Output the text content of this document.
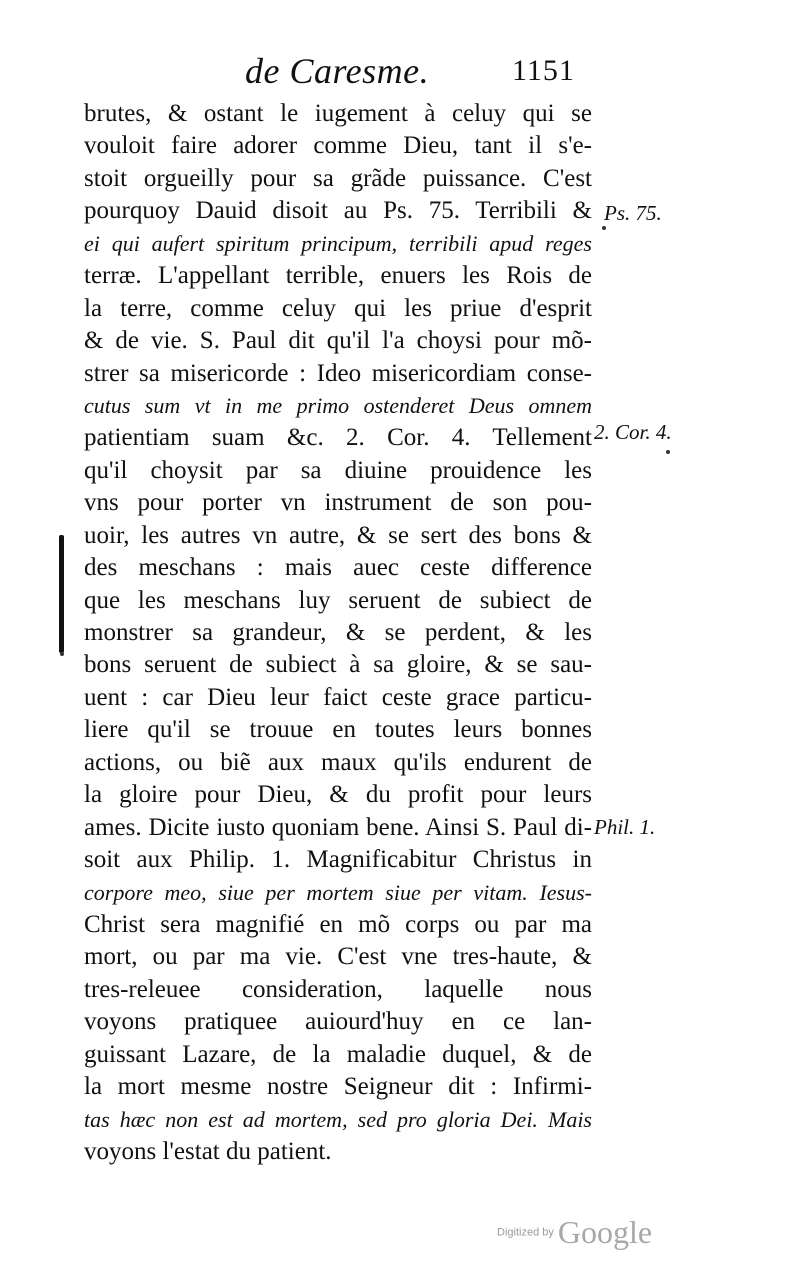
de Caresme.	1151
brutes, & ostant le iugement à celuy qui se
vouloit faire adorer comme Dieu, tant il s'e-
stoit orgueilly pour sa grãde puissance. C'est
pourquoy Dauid disoit au Ps. 75. Terribili &
ei qui aufert spiritum principum, terribili apud reges
terræ. L'appellant terrible, enuers les Rois de
la terre, comme celuy qui les priue d'esprit
& de vie. S. Paul dit qu'il l'a choysi pour mõ-
strer sa misericorde : Ideo misericordiam conse-
cutus sum vt in me primo ostenderet Deus omnem
patientiam suam &c. 2. Cor. 4. Tellement
qu'il choysit par sa diuine prouidence les
vns pour porter vn instrument de son pou-
uoir, les autres vn autre, & se sert des bons &
des meschans : mais auec ceste difference
que les meschans luy seruent de subiect de
monstrer sa grandeur, & se perdent, & les
bons seruent de subiect à sa gloire, & se sau-
uent : car Dieu leur faict ceste grace particu-
liere qu'il se trouue en toutes leurs bonnes
actions, ou biẽ aux maux qu'ils endurent de
la gloire pour Dieu, & du profit pour leurs
ames. Dicite iusto quoniam bene. Ainsi S. Paul di-
soit aux Philip. 1. Magnificabitur Christus in
corpore meo, siue per mortem siue per vitam. Iesus-
Christ sera magnifié en mõ corps ou par ma
mort, ou par ma vie. C'est vne tres-haute, &
tres-releuee consideration, laquelle nous
voyons pratiquee auiourd'huy en ce lan-
guissant Lazare, de la maladie duquel, & de
la mort mesme nostre Seigneur dit : Infirmi-
tas hæc non est ad mortem, sed pro gloria Dei. Mais
voyons l'estat du patient.
Ps. 75.
2. Cor. 4.
Phil. 1.
Digitized by Google
